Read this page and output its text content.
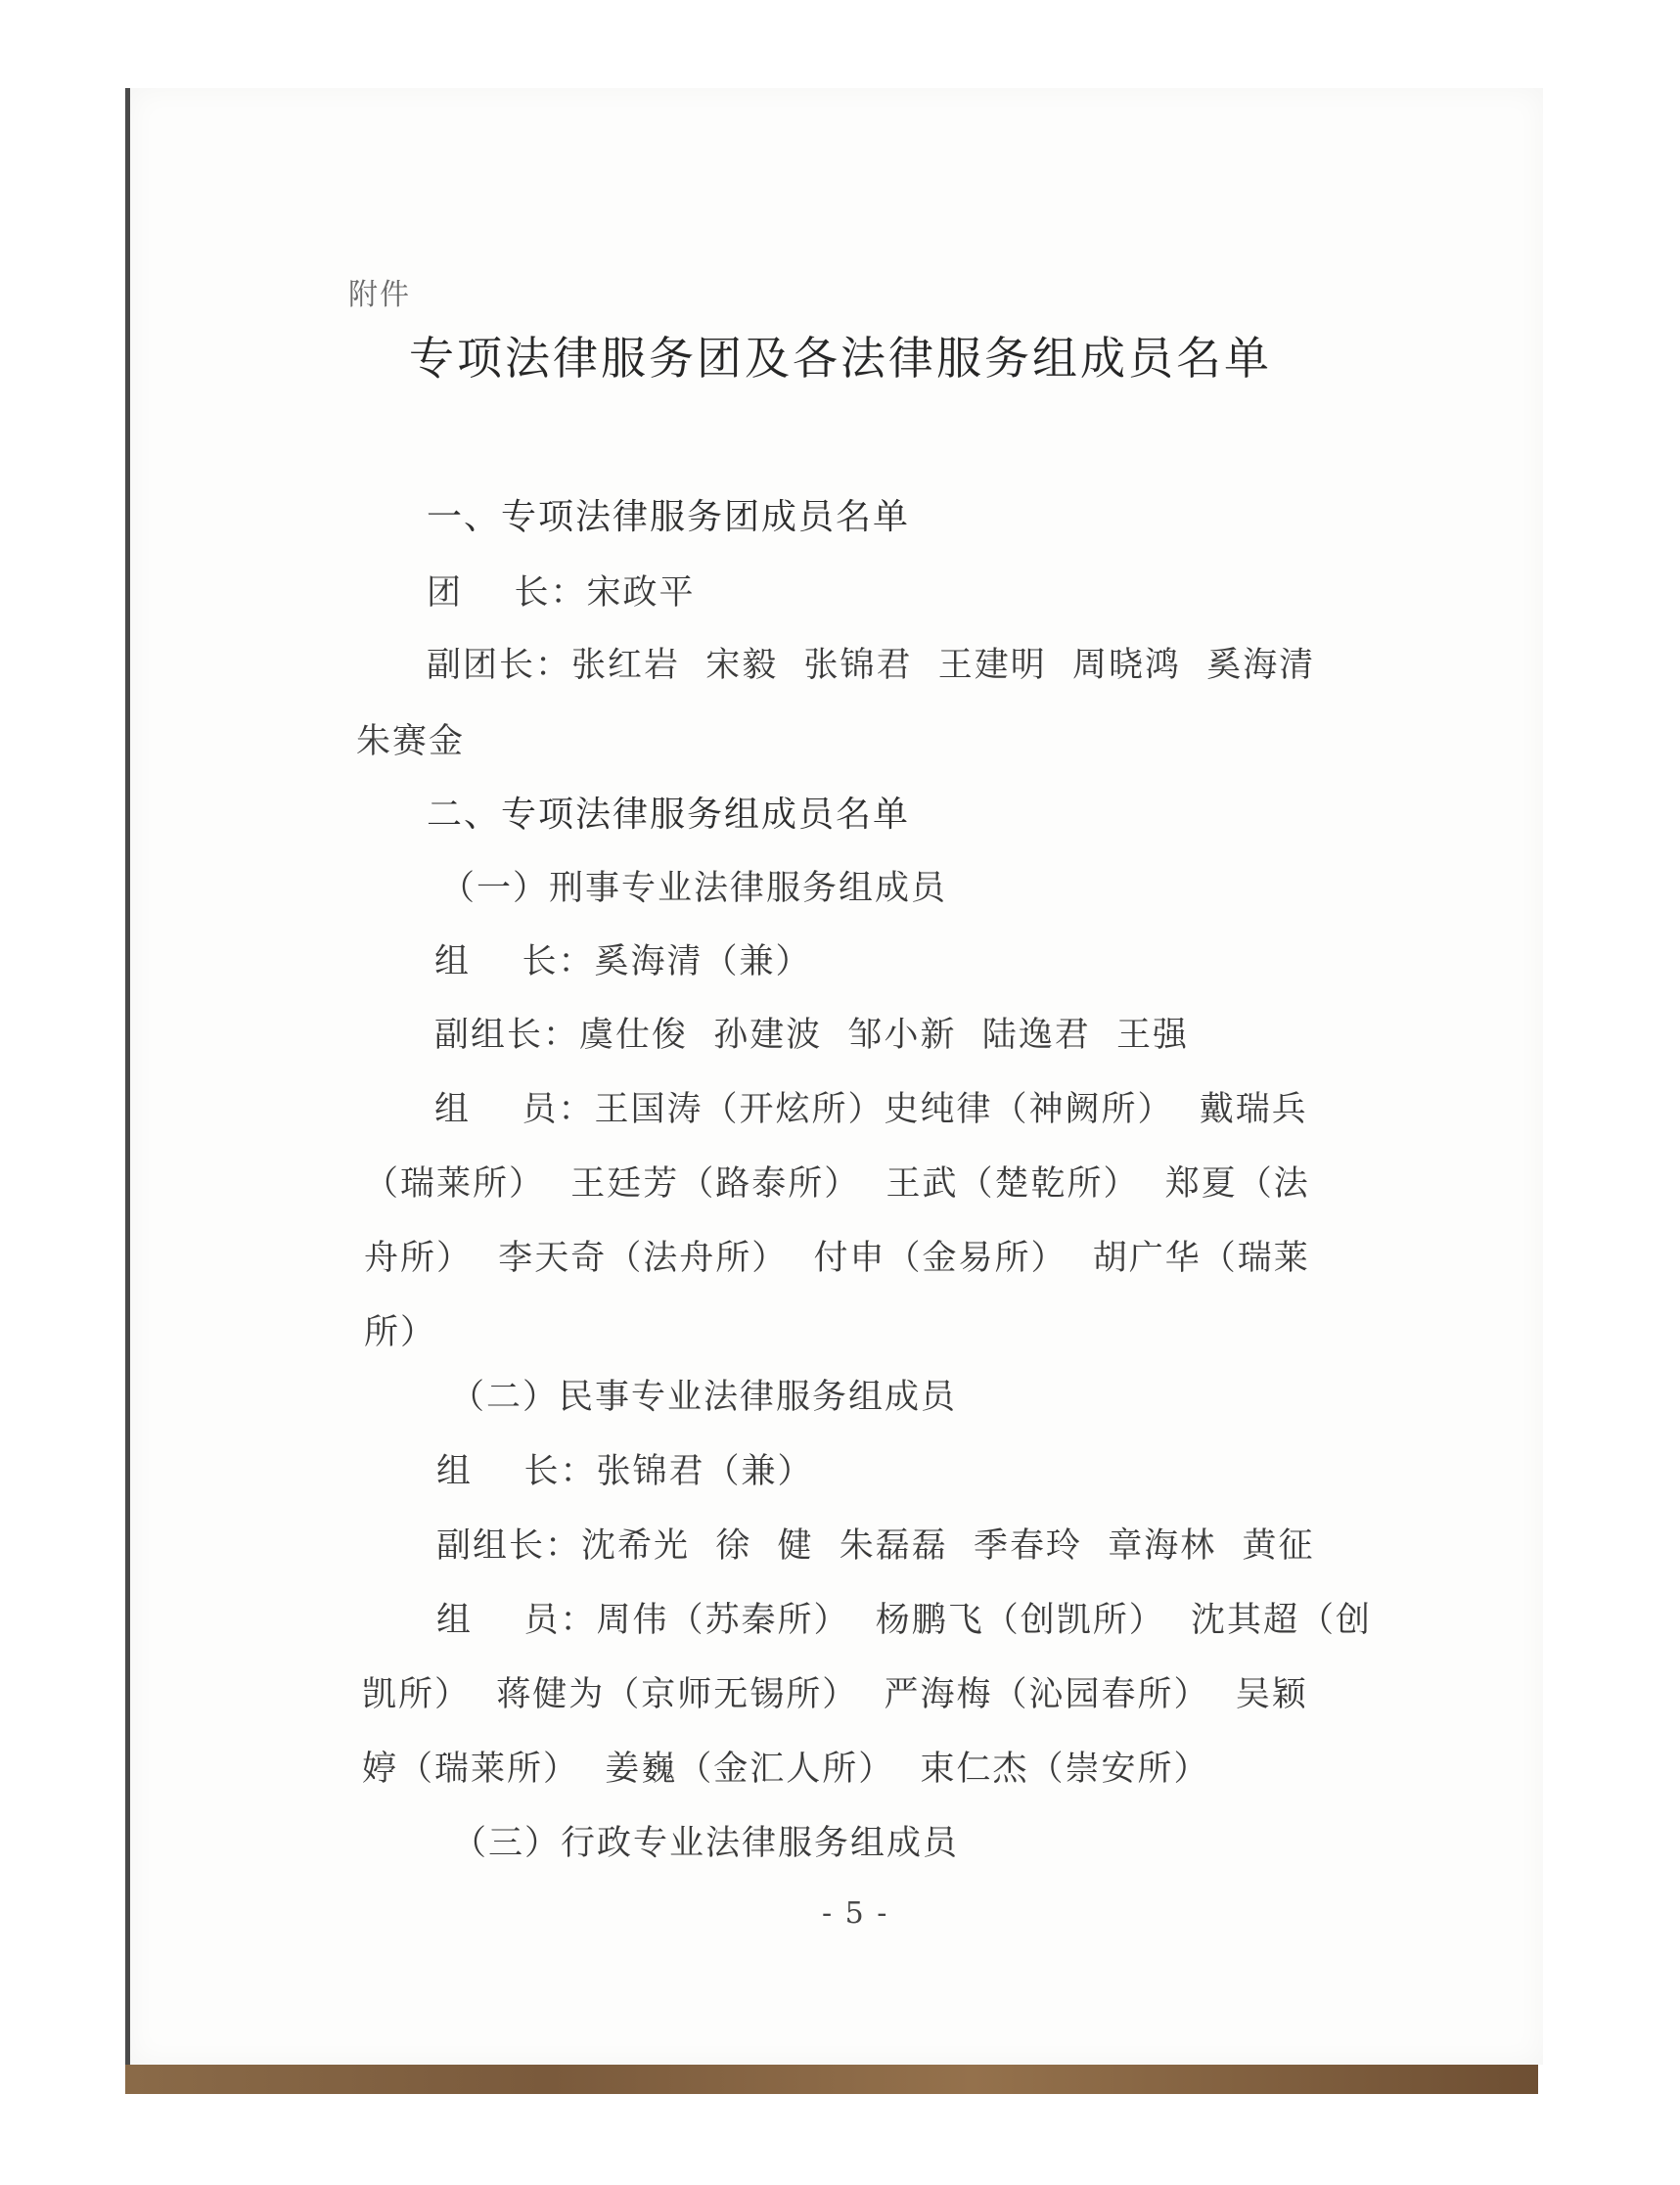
附件
专项法律服务团及各法律服务组成员名单
一、专项法律服务团成员名单
团    长：宋政平
副团长：张红岩  宋毅  张锦君  王建明  周晓鸿  奚海清
朱赛金
二、专项法律服务组成员名单
（一）刑事专业法律服务组成员
组    长：奚海清（兼）
副组长：虞仕俊  孙建波  邹小新  陆逸君  王强
组    员：王国涛（开炫所）史纯律（神阙所）  戴瑞兵
（瑞莱所）  王廷芳（路泰所）  王武（楚乾所）  郑夏（法
舟所）  李天奇（法舟所）  付申（金易所）  胡广华（瑞莱
所）
（二）民事专业法律服务组成员
组    长：张锦君（兼）
副组长：沈希光  徐  健  朱磊磊  季春玲  章海林  黄征
组    员：周伟（苏秦所）  杨鹏飞（创凯所）  沈其超（创
凯所）  蒋健为（京师无锡所）  严海梅（沁园春所）  吴颖
婷（瑞莱所）  姜巍（金汇人所）  束仁杰（崇安所）
（三）行政专业法律服务组成员
- 5 -
